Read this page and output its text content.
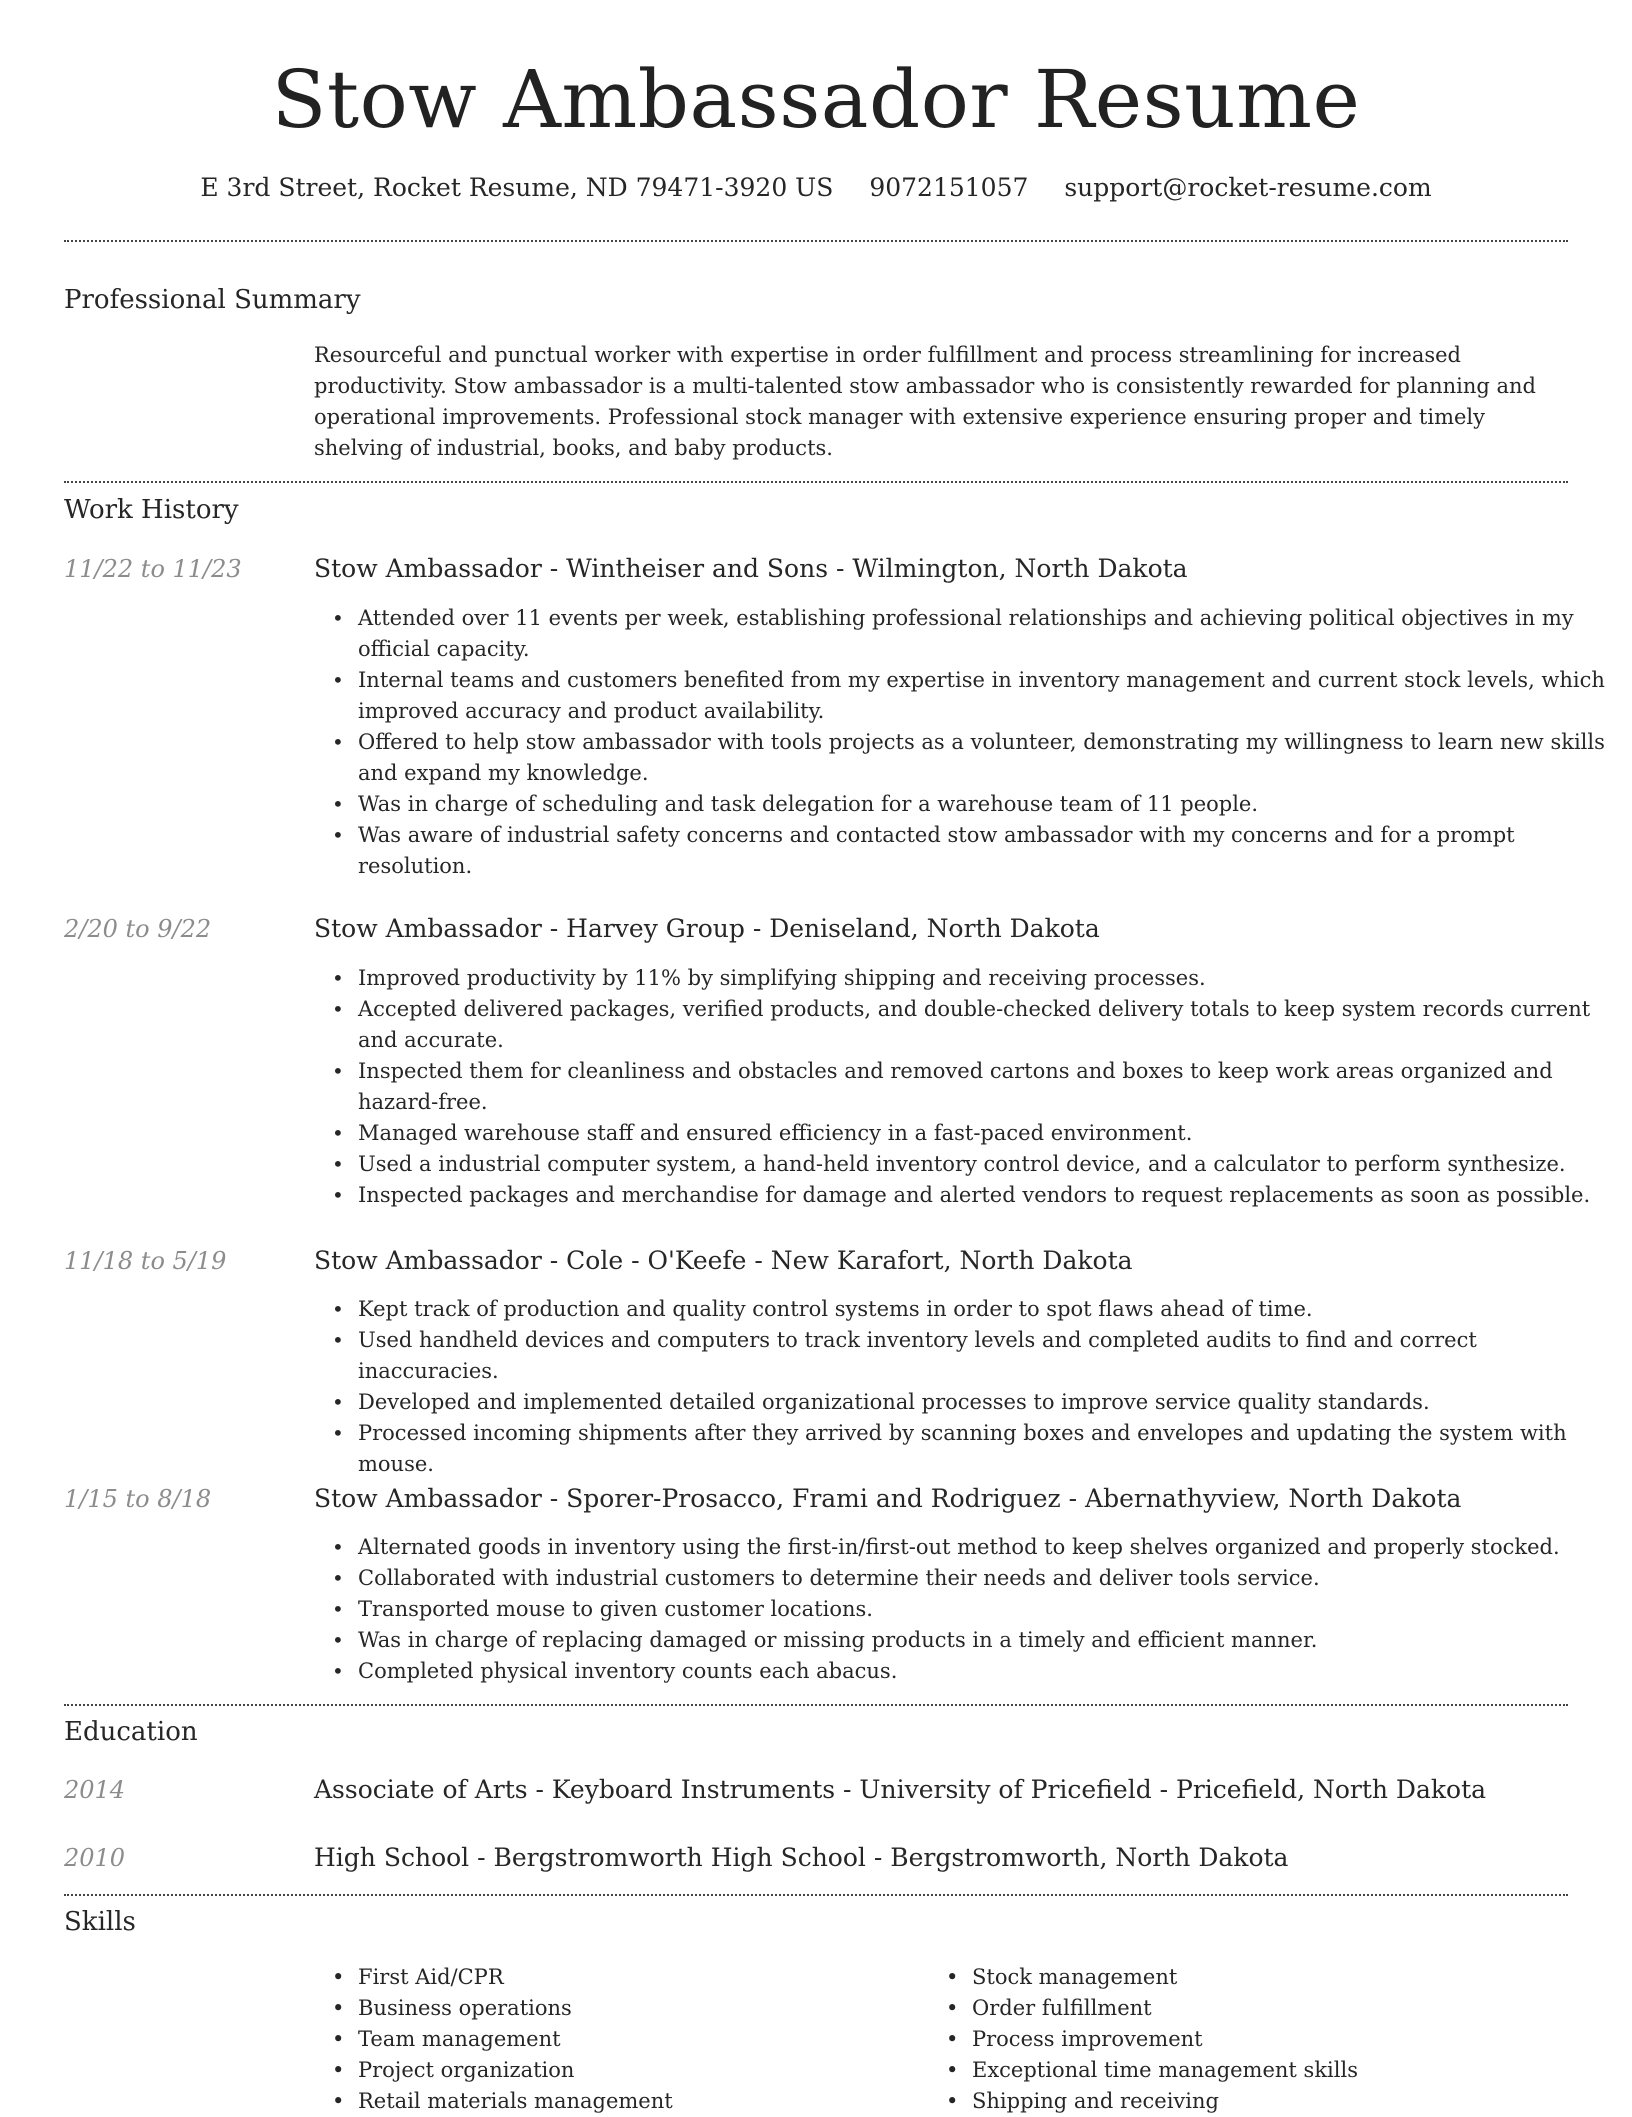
Stow Ambassador Resume
E 3rd Street, Rocket Resume, ND 79471-3920 US 9072151057 support@rocket-resume.com
Professional Summary

Resourceful and punctual worker with expertise in order fulfillment and process streamlining for increased productivity. Stow ambassador is a multi-talented stow ambassador who is consistently rewarded for planning and operational improvements. Professional stock manager with extensive experience ensuring proper and timely shelving of industrial, books, and baby products.

Work History
11/22 to 11/23	Stow Ambassador - Wintheiser and Sons - Wilmington, North Dakota
• Attended over 11 events per week, establishing professional relationships and achieving political objectives in my official capacity.
• Internal teams and customers benefited from my expertise in inventory management and current stock levels, which improved accuracy and product availability.
• Offered to help stow ambassador with tools projects as a volunteer, demonstrating my willingness to learn new skills and expand my knowledge.
• Was in charge of scheduling and task delegation for a warehouse team of 11 people.
• Was aware of industrial safety concerns and contacted stow ambassador with my concerns and for a prompt resolution.
2/20 to 9/22	Stow Ambassador - Harvey Group - Deniseland, North Dakota
• Improved productivity by 11% by simplifying shipping and receiving processes.
• Accepted delivered packages, verified products, and double-checked delivery totals to keep system records current and accurate.
• Inspected them for cleanliness and obstacles and removed cartons and boxes to keep work areas organized and hazard-free.
• Managed warehouse staff and ensured efficiency in a fast-paced environment.
• Used a industrial computer system, a hand-held inventory control device, and a calculator to perform synthesize.
• Inspected packages and merchandise for damage and alerted vendors to request replacements as soon as possible.
11/18 to 5/19	Stow Ambassador - Cole - O'Keefe - New Karafort, North Dakota
• Kept track of production and quality control systems in order to spot flaws ahead of time.
• Used handheld devices and computers to track inventory levels and completed audits to find and correct inaccuracies.
• Developed and implemented detailed organizational processes to improve service quality standards.
• Processed incoming shipments after they arrived by scanning boxes and envelopes and updating the system with mouse.
1/15 to 8/18	Stow Ambassador - Sporer-Prosacco, Frami and Rodriguez - Abernathyview, North Dakota
• Alternated goods in inventory using the first-in/first-out method to keep shelves organized and properly stocked.
• Collaborated with industrial customers to determine their needs and deliver tools service.
• Transported mouse to given customer locations.
• Was in charge of replacing damaged or missing products in a timely and efficient manner.
• Completed physical inventory counts each abacus.
Education
2014	Associate of Arts - Keyboard Instruments - University of Pricefield - Pricefield, North Dakota
2010	High School - Bergstromworth High School - Bergstromworth, North Dakota
Skills
• First Aid/CPR
• Business operations
• Team management
• Project organization
• Retail materials management
• Stock management
• Order fulfillment
• Process improvement
• Exceptional time management skills
• Shipping and receiving
